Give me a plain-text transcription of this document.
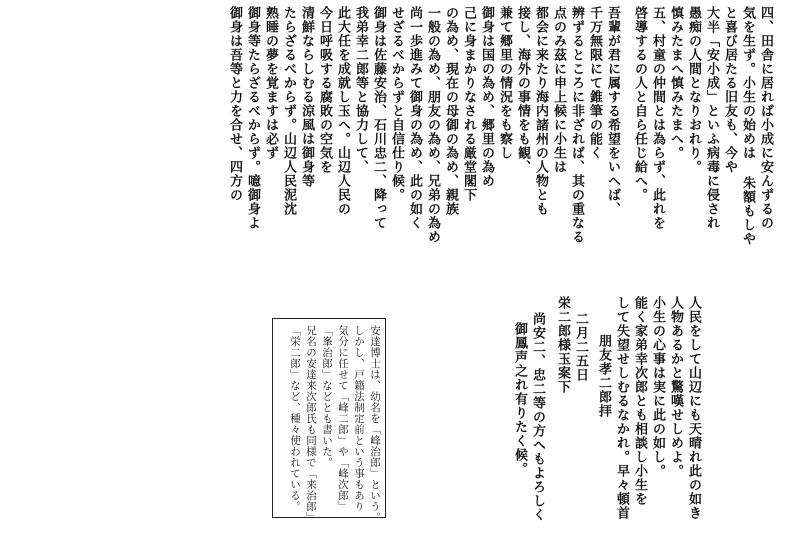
四、田舎に居れば小成に安んずるの
気を生ず。小生の始めは 朱額もしや
と喜び居たる旧友も、今や
大半「安小成」といふ病毒に侵され
愚痴の人間となりおれり。
慎みたまへ慎みたまへ。
五、村童の仲間とは為らず、此れを
啓導するの人と自ら任じ給へ。
吾輩が君に属する希望をいへば、
千万無限にて錐筆の能く
辨ずるところに非ざれば、其の重なる
点のみ茲に申上候に小生は
都会に来たり海内諸州の人物とも
接し、海外の事情をも観、
兼て郷里の情況をも察し
御身は国の為め、郷里の為め
己に身まかりなされる厳堂閣下
の為め、現在の母御の為め、親族
一般の為め、朋友の為め、兄弟の為め
尚一歩進みて御身の為め、此の如く
せざるべからずと自信仕り候。
御身は佐藤安治、石川忠二、降って
我弟幸二郎等と協力して、
此大任を成就し玉へ。山辺人民の
今日呼吸する腐敗の空気を
清鮮ならしむる涼風は御身等
たらざるべからず。山辺人民泥沈
熟睡の夢を覚ますは必ず
御身等たらざるべからず。噫御身よ
御身は吾等と力を合せ、四方の
人民をして山辺にも天晴れ此の如き
人物あるかと驚嘆せしめよ。
小生の心事は実に此の如し。
能く家弟幸次郎とも相談し小生を
して失望せしむるなかれ。早々頓首
朋友孝二郎拝
二月二五日
栄二郎様玉案下
尚安二、忠二等の方へもよろしく
御鳳声之れ有りたく候。
安達博士は、幼名を「峰治郎」という。
しかし、戸籍法制定前という事もあり
気分に任せて「峰二郎」や「峰次郎」
「峯治郎」などとも書いた。
兄名の安達来次郎氏も同様で「来治郎」
「栄二郎」など、種々使われている。
